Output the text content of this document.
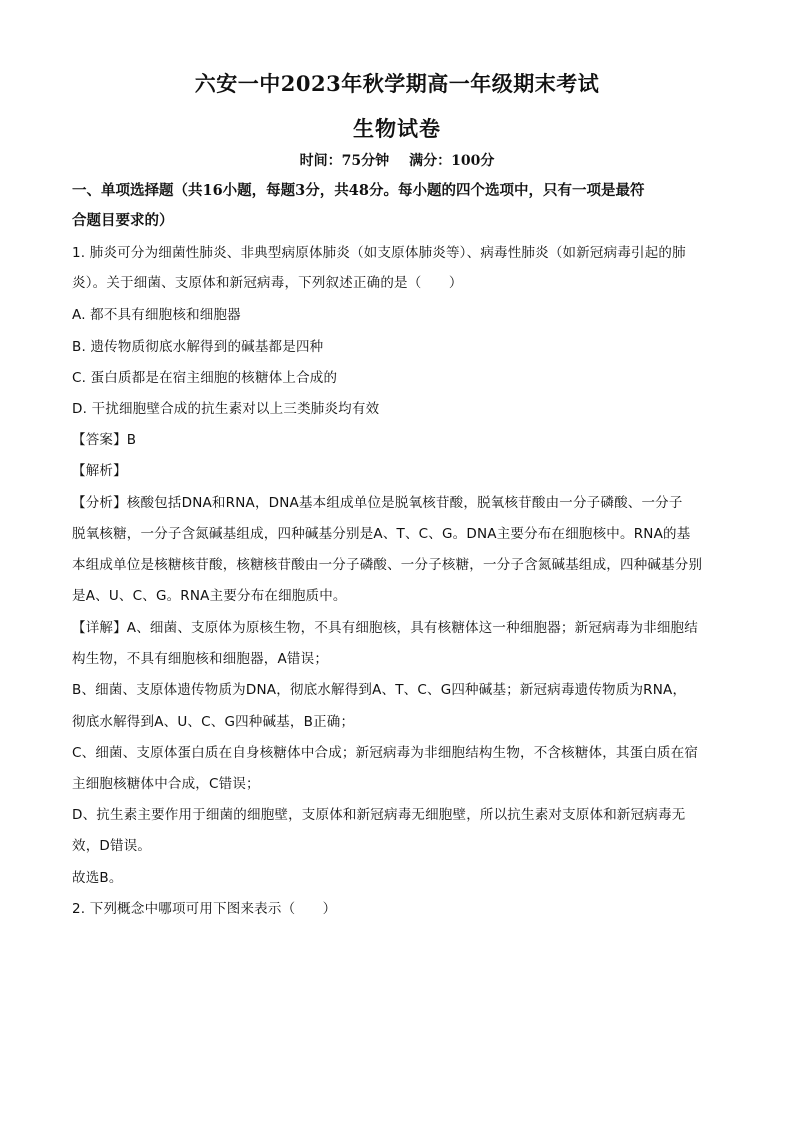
六安一中2023年秋学期高一年级期末考试
生物试卷
时间：75分钟 满分：100分
一、单项选择题（共16小题，每题3分，共48分。每小题的四个选项中，只有一项是最符
合题目要求的）
1. 肺炎可分为细菌性肺炎、非典型病原体肺炎（如支原体肺炎等）、病毒性肺炎（如新冠病毒引起的肺
炎）。关于细菌、支原体和新冠病毒，下列叙述正确的是（　　）
A. 都不具有细胞核和细胞器
B. 遗传物质彻底水解得到的碱基都是四种
C. 蛋白质都是在宿主细胞的核糖体上合成的
D. 干扰细胞壁合成的抗生素对以上三类肺炎均有效
【答案】B
【解析】
【分析】核酸包括DNA和RNA，DNA基本组成单位是脱氧核苷酸，脱氧核苷酸由一分子磷酸、一分子
脱氧核糖，一分子含氮碱基组成，四种碱基分别是A、T、C、G。DNA主要分布在细胞核中。RNA的基
本组成单位是核糖核苷酸，核糖核苷酸由一分子磷酸、一分子核糖，一分子含氮碱基组成，四种碱基分别
是A、U、C、G。RNA主要分布在细胞质中。
【详解】A、细菌、支原体为原核生物，不具有细胞核，具有核糖体这一种细胞器；新冠病毒为非细胞结
构生物，不具有细胞核和细胞器，A错误；
B、细菌、支原体遗传物质为DNA，彻底水解得到A、T、C、G四种碱基；新冠病毒遗传物质为RNA，
彻底水解得到A、U、C、G四种碱基，B正确；
C、细菌、支原体蛋白质在自身核糖体中合成；新冠病毒为非细胞结构生物，不含核糖体，其蛋白质在宿
主细胞核糖体中合成，C错误；
D、抗生素主要作用于细菌的细胞壁，支原体和新冠病毒无细胞壁，所以抗生素对支原体和新冠病毒无
效，D错误。
故选B。
2. 下列概念中哪项可用下图来表示（　　）
